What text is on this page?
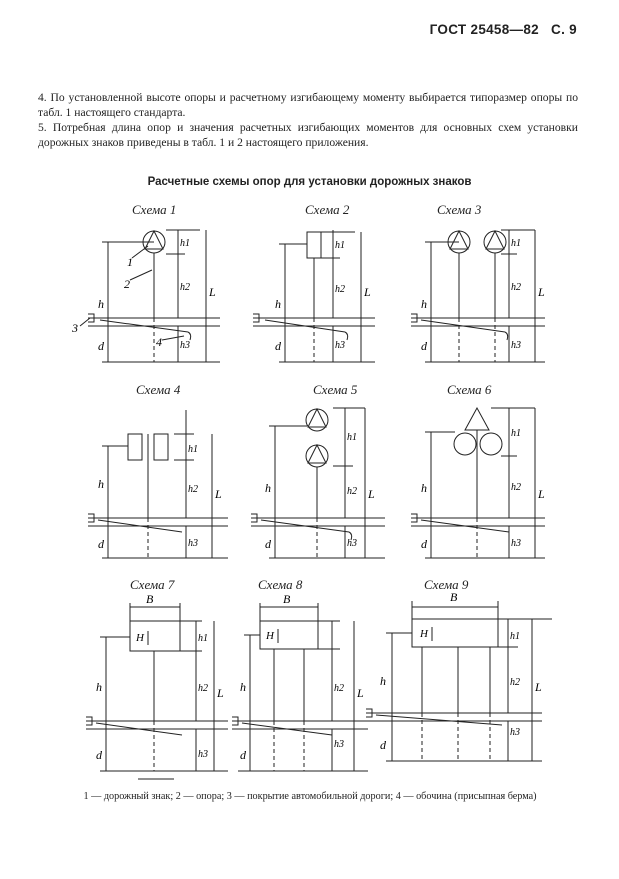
ГОСТ 25458—82 С. 9
4. По установленной высоте опоры и расчетному изгибающему моменту выбирается типоразмер опоры по табл. 1 настоящего стандарта.
5. Потребная длина опор и значения расчетных изгибающих моментов для основных схем установки дорожных знаков приведены в табл. 1 и 2 настоящего приложения.
Расчетные схемы опор для установки дорожных знаков
Схема 1
h
d
h1
h2
h3
L
1
2
3
4
Схема 2
h
d
h1
h2
h3
L
Схема 3
h
d
h1
h2
h3
L
Схема 4
h
d
h1
h2
h3
L
Схема 5
h
d
h1
h2
h3
L
Схема 6
h
d
h1
h2
h3
L
Схема 7
B
H
h
d
h1
h2
h3
L
Схема 8
B
H
h
d
h2
h3
L
Схема 9
B
H
h
d
h1
h2
h3
L
1 — дорожный знак; 2 — опора; 3 — покрытие автомобильной дороги; 4 — обочина (присыпная берма)
